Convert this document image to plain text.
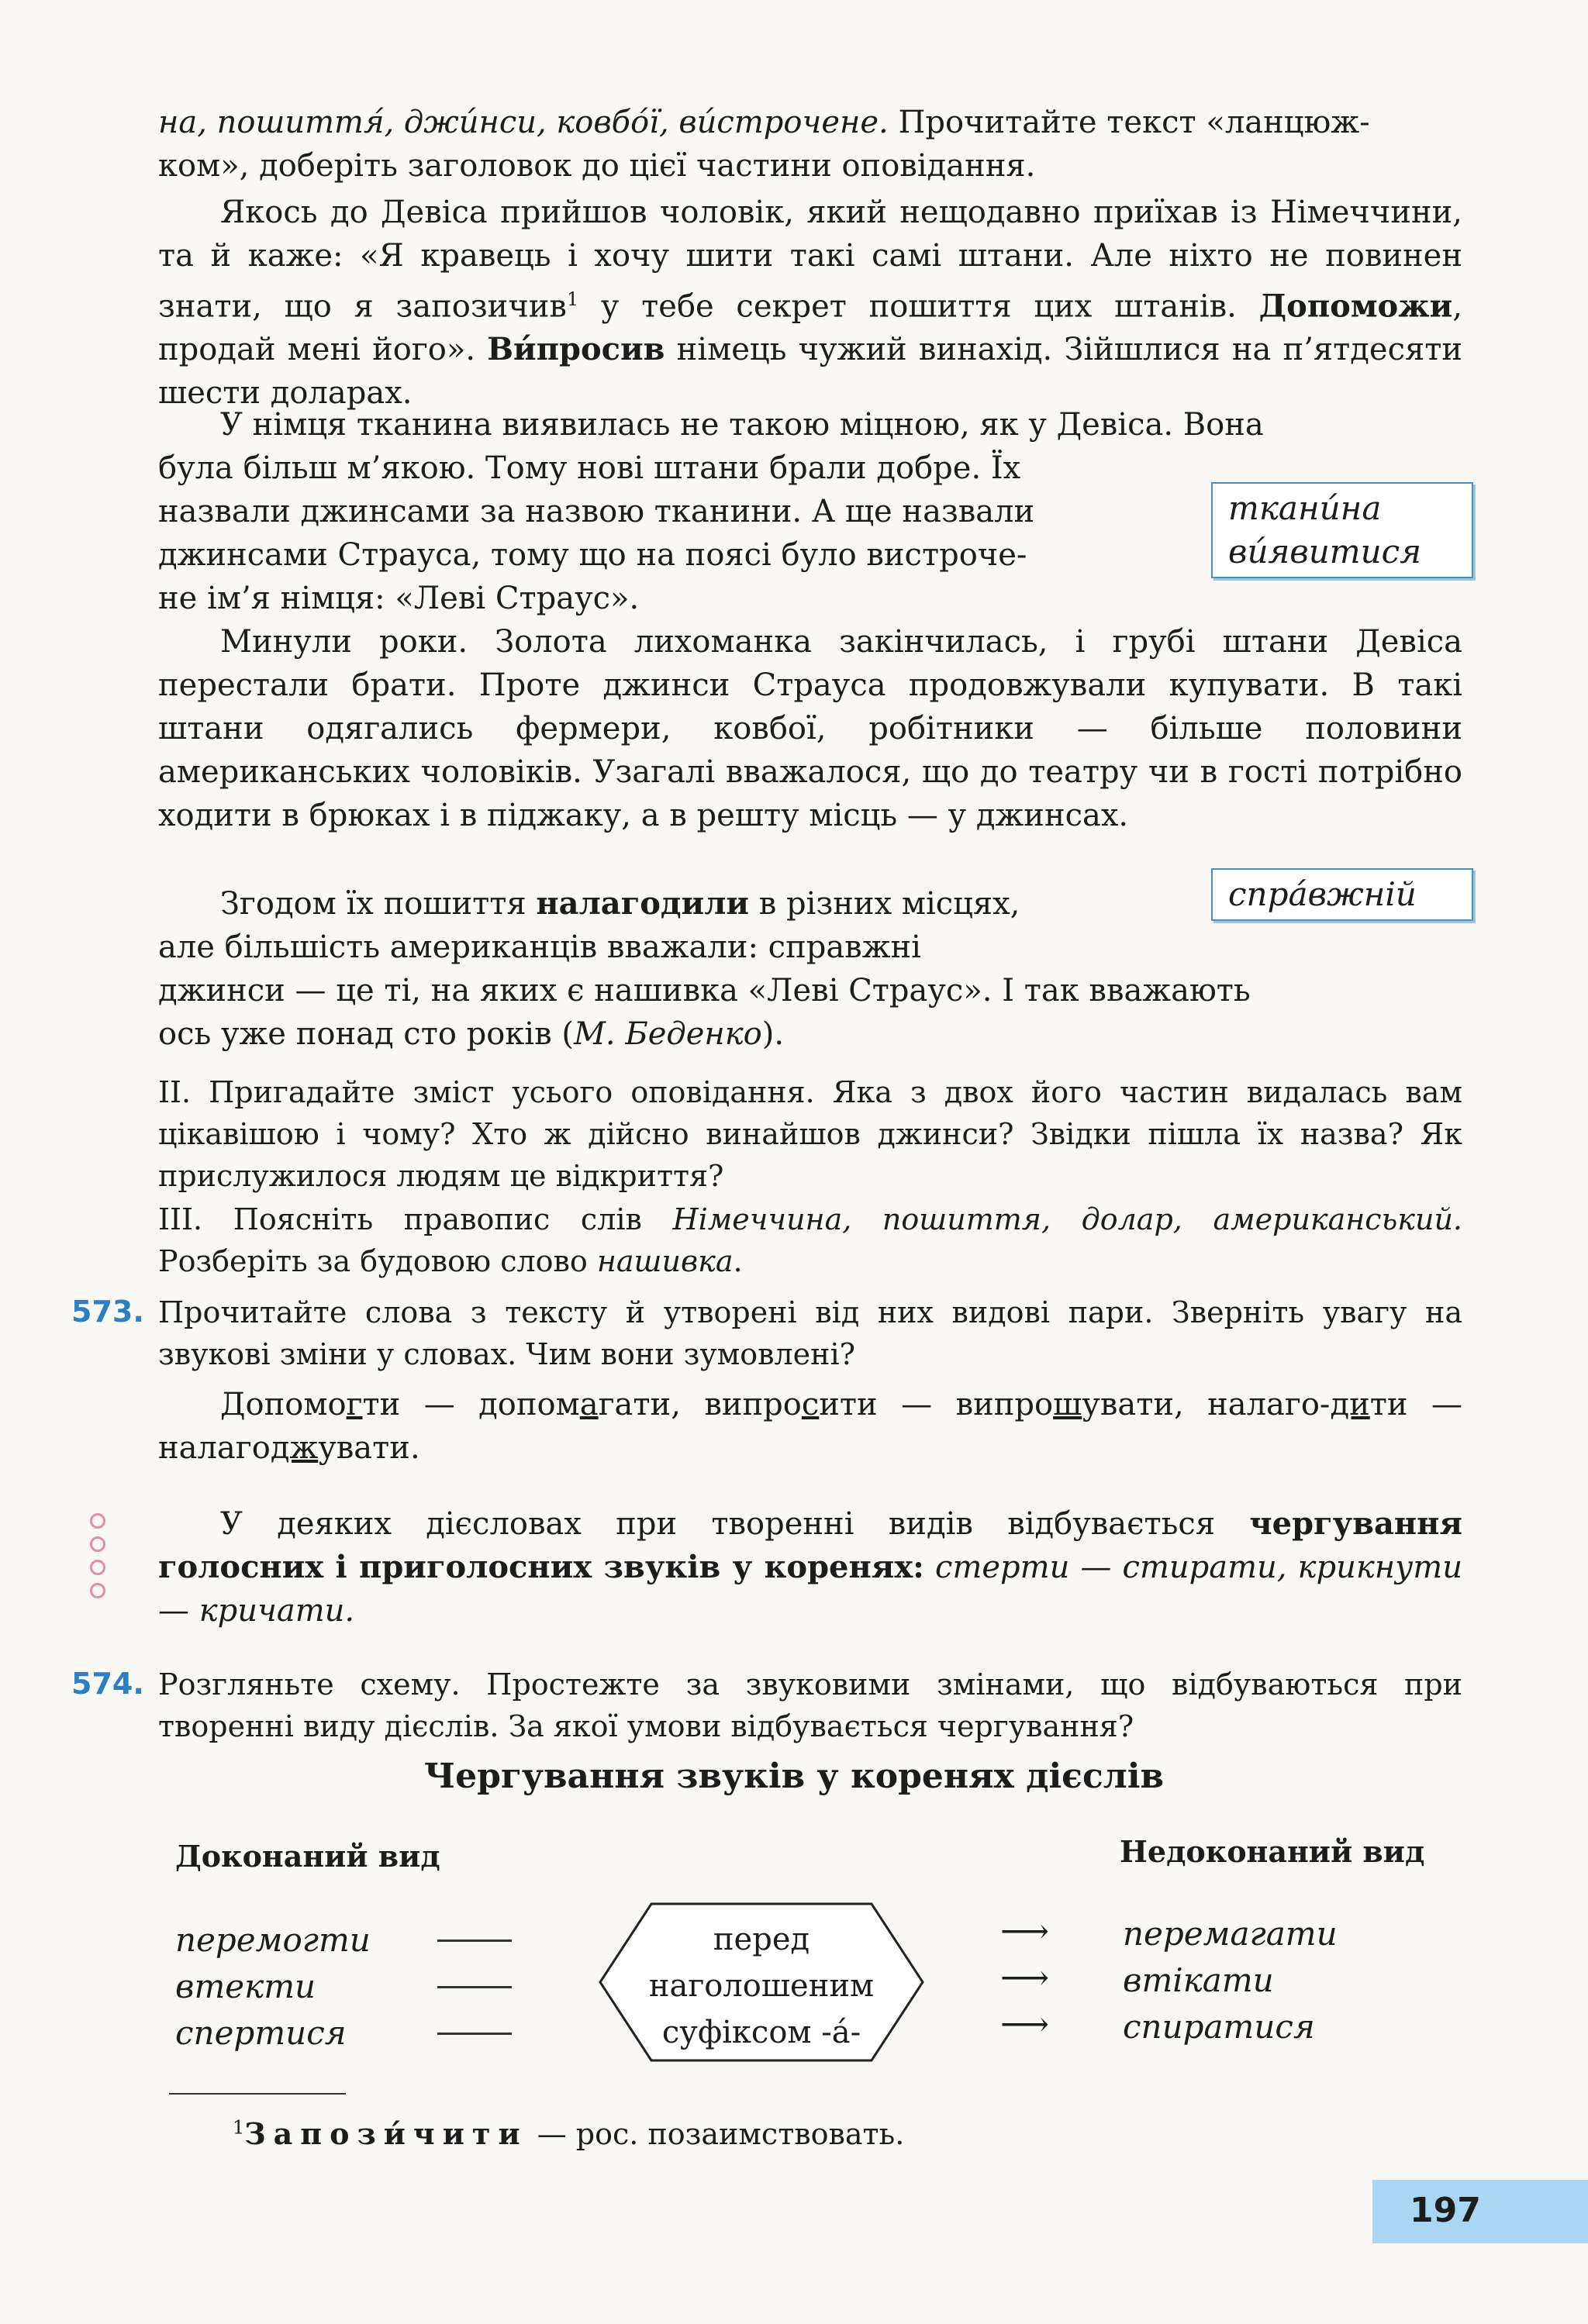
на, пошиття́, джи́нси, ковбо́ї, ви́строчене. Прочитайте текст «ланцюж-
ком», доберіть заголовок до цієї частини оповідання.
Якось до Девіса прийшов чоловік, який нещодавно приїхав із Німеччини, та й каже: «Я кравець і хочу шити такі самі штани. Але ніхто не повинен знати, що я запозичив$^1$ у тебе секрет пошиття цих штанів. Допоможи, продай мені його». Ви́просив німець чужий винахід. Зійшлися на п’ятдесяти шести доларах.
У німця тканина виявилась не такою міцною, як у Девіса. Вона
була більш м’якою. Тому нові штани брали добре. Їх
назвали джинсами за назвою тканини. А ще назвали
джинсами Страуса, тому що на поясі було вистроче-
не ім’я німця: «Леві Страус».
ткани́на
ви́явитися
Минули роки. Золота лихоманка закінчилась, і грубі штани Девіса перестали брати. Проте джинси Страуса продовжували купувати. В такі штани одягались фермери, ковбої, робітники — більше половини американських чоловіків. Узагалі вважалося, що до театру чи в гості потрібно ходити в брюках і в піджаку, а в решту місць — у джинсах.
Згодом їх пошиття налагодили в різних місцях,
але більшість американців вважали: справжні
джинси — це ті, на яких є нашивка «Леві Страус». І так вважають
ось уже понад сто років (М. Беденко).
спра́вжній
II. Пригадайте зміст усього оповідання. Яка з двох його частин видалась вам цікавішою і чому? Хто ж дійсно винайшов джинси? Звідки пішла їх назва? Як прислужилося людям це відкриття?
III. Поясніть правопис слів Німеччина, пошиття, долар, американський. Розберіть за будовою слово нашивка.
573. Прочитайте слова з тексту й утворені від них видові пари. Зверніть увагу на звукові зміни у словах. Чим вони зумовлені?
Допомогти — допомагати, випросити — випрошувати, налаго-дити — налагоджувати.
У деяких дієсловах при творенні видів відбувається чергування голосних і приголосних звуків у коренях: стерти — стирати, крикнути — кричати.
574. Розгляньте схему. Простежте за звуковими змінами, що відбуваються при творенні виду дієслів. За якої умови відбувається чергування?
Чергування звуків у коренях дієслів
Доконаний вид	Недоконаний вид
перемогти
втекти
спертися
перед
наголошеним
суфіксом -á-
⟶
⟶
⟶
перемагати
втікати
спиратися
$^1$Запози́чити — рос. позаимствовать.
197
